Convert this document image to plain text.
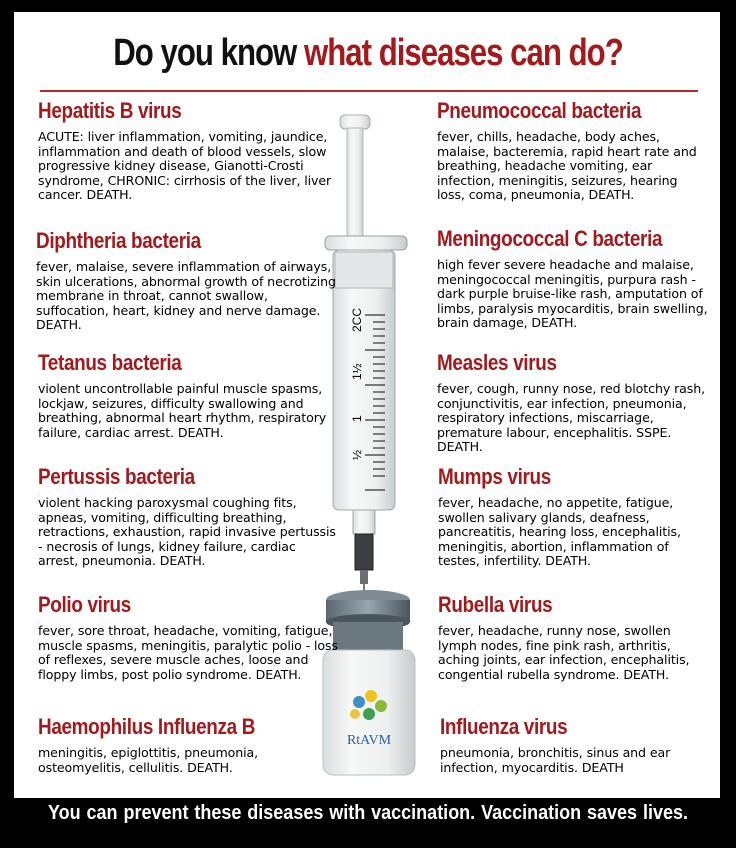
Do you know what diseases can do?
2CC
1½
1
½
RtAVM

Hepatitis B virus

ACUTE: liver inflammation, vomiting, jaundice, inflammation and death of blood vessels, slow progressive kidney disease, Gianotti-Crosti syndrome, CHRONIC: cirrhosis of the liver, liver cancer. DEATH.

Diphtheria bacteria

fever, malaise, severe inflammation of airways, skin ulcerations, abnormal growth of necrotizing membrane in throat, cannot swallow, suffocation, heart, kidney and nerve damage. DEATH.

Tetanus bacteria

violent uncontrollable painful muscle spasms, lockjaw, seizures, difficulty swallowing and breathing, abnormal heart rhythm, respiratory failure, cardiac arrest. DEATH.

Pertussis bacteria

violent hacking paroxysmal coughing fits, apneas, vomiting, difficulting breathing, retractions, exhaustion, rapid invasive pertussis - necrosis of lungs, kidney failure, cardiac arrest, pneumonia. DEATH.

Polio virus

fever, sore throat, headache, vomiting, fatigue, muscle spasms, meningitis, paralytic polio - loss of reflexes, severe muscle aches, loose and floppy limbs, post polio syndrome. DEATH.

Haemophilus Influenza B

meningitis, epiglottitis, pneumonia, osteomyelitis, cellulitis. DEATH.

Pneumococcal bacteria

fever, chills, headache, body aches, malaise, bacteremia, rapid heart rate and breathing, headache vomiting, ear infection, meningitis, seizures, hearing loss, coma, pneumonia, DEATH.

Meningococcal C bacteria

high fever severe headache and malaise, meningococcal meningitis, purpura rash - dark purple bruise-like rash, amputation of limbs, paralysis myocarditis, brain swelling, brain damage, DEATH.

Measles virus

fever, cough, runny nose, red blotchy rash, conjunctivitis, ear infection, pneumonia, respiratory infections, miscarriage, premature labour, encephalitis. SSPE. DEATH.

Mumps virus

fever, headache, no appetite, fatigue, swollen salivary glands, deafness, pancreatitis, hearing loss, encephalitis, meningitis, abortion, inflammation of testes, infertility. DEATH.

Rubella virus

fever, headache, runny nose, swollen lymph nodes, fine pink rash, arthritis, aching joints, ear infection, encephalitis, congential rubella syndrome. DEATH.

Influenza virus

pneumonia, bronchitis, sinus and ear infection, myocarditis. DEATH
You can prevent these diseases with vaccination. Vaccination saves lives.
